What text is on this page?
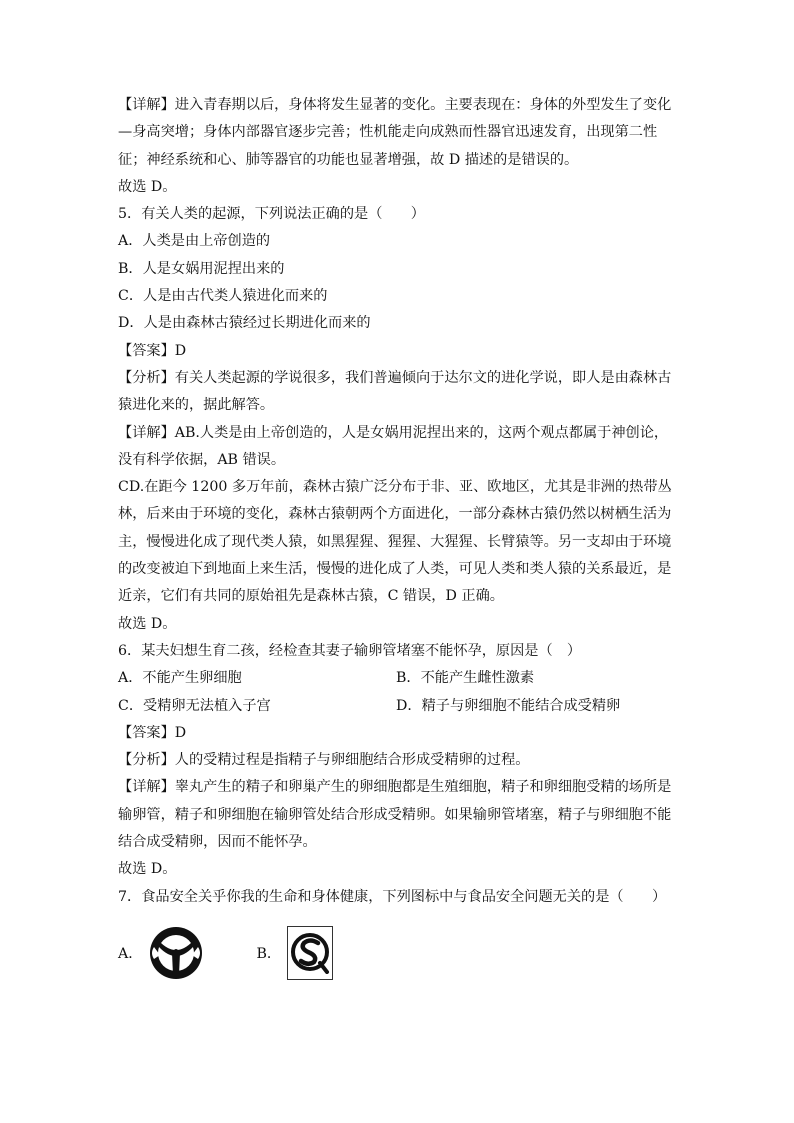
【详解】进入青春期以后，身体将发生显著的变化。主要表现在：身体的外型发生了变化
—身高突增；身体内部器官逐步完善；性机能走向成熟而性器官迅速发育，出现第二性
征；神经系统和心、肺等器官的功能也显著增强，故 D 描述的是错误的。
故选 D。
5．有关人类的起源，下列说法正确的是（　　）
A．人类是由上帝创造的
B．人是女娲用泥捏出来的
C．人是由古代类人猿进化而来的
D．人是由森林古猿经过长期进化而来的
【答案】D
【分析】有关人类起源的学说很多，我们普遍倾向于达尔文的进化学说，即人是由森林古
猿进化来的，据此解答。
【详解】AB.人类是由上帝创造的，人是女娲用泥捏出来的，这两个观点都属于神创论，
没有科学依据，AB 错误。
CD.在距今 1200 多万年前，森林古猿广泛分布于非、亚、欧地区，尤其是非洲的热带丛
林，后来由于环境的变化，森林古猿朝两个方面进化，一部分森林古猿仍然以树栖生活为
主，慢慢进化成了现代类人猿，如黑猩猩、猩猩、大猩猩、长臂猿等。另一支却由于环境
的改变被迫下到地面上来生活，慢慢的进化成了人类，可见人类和类人猿的关系最近，是
近亲，它们有共同的原始祖先是森林古猿，C 错误，D 正确。
故选 D。
6．某夫妇想生育二孩，经检查其妻子输卵管堵塞不能怀孕，原因是（　）
A．不能产生卵细胞	B．不能产生雌性激素
C．受精卵无法植入子宫	D．精子与卵细胞不能结合成受精卵
【答案】D
【分析】人的受精过程是指精子与卵细胞结合形成受精卵的过程。
【详解】睾丸产生的精子和卵巢产生的卵细胞都是生殖细胞，精子和卵细胞受精的场所是
输卵管，精子和卵细胞在输卵管处结合形成受精卵。如果输卵管堵塞，精子与卵细胞不能
结合成受精卵，因而不能怀孕。
故选 D。
7．食品安全关乎你我的生命和身体健康，下列图标中与食品安全问题无关的是（　　）
A．	B．
